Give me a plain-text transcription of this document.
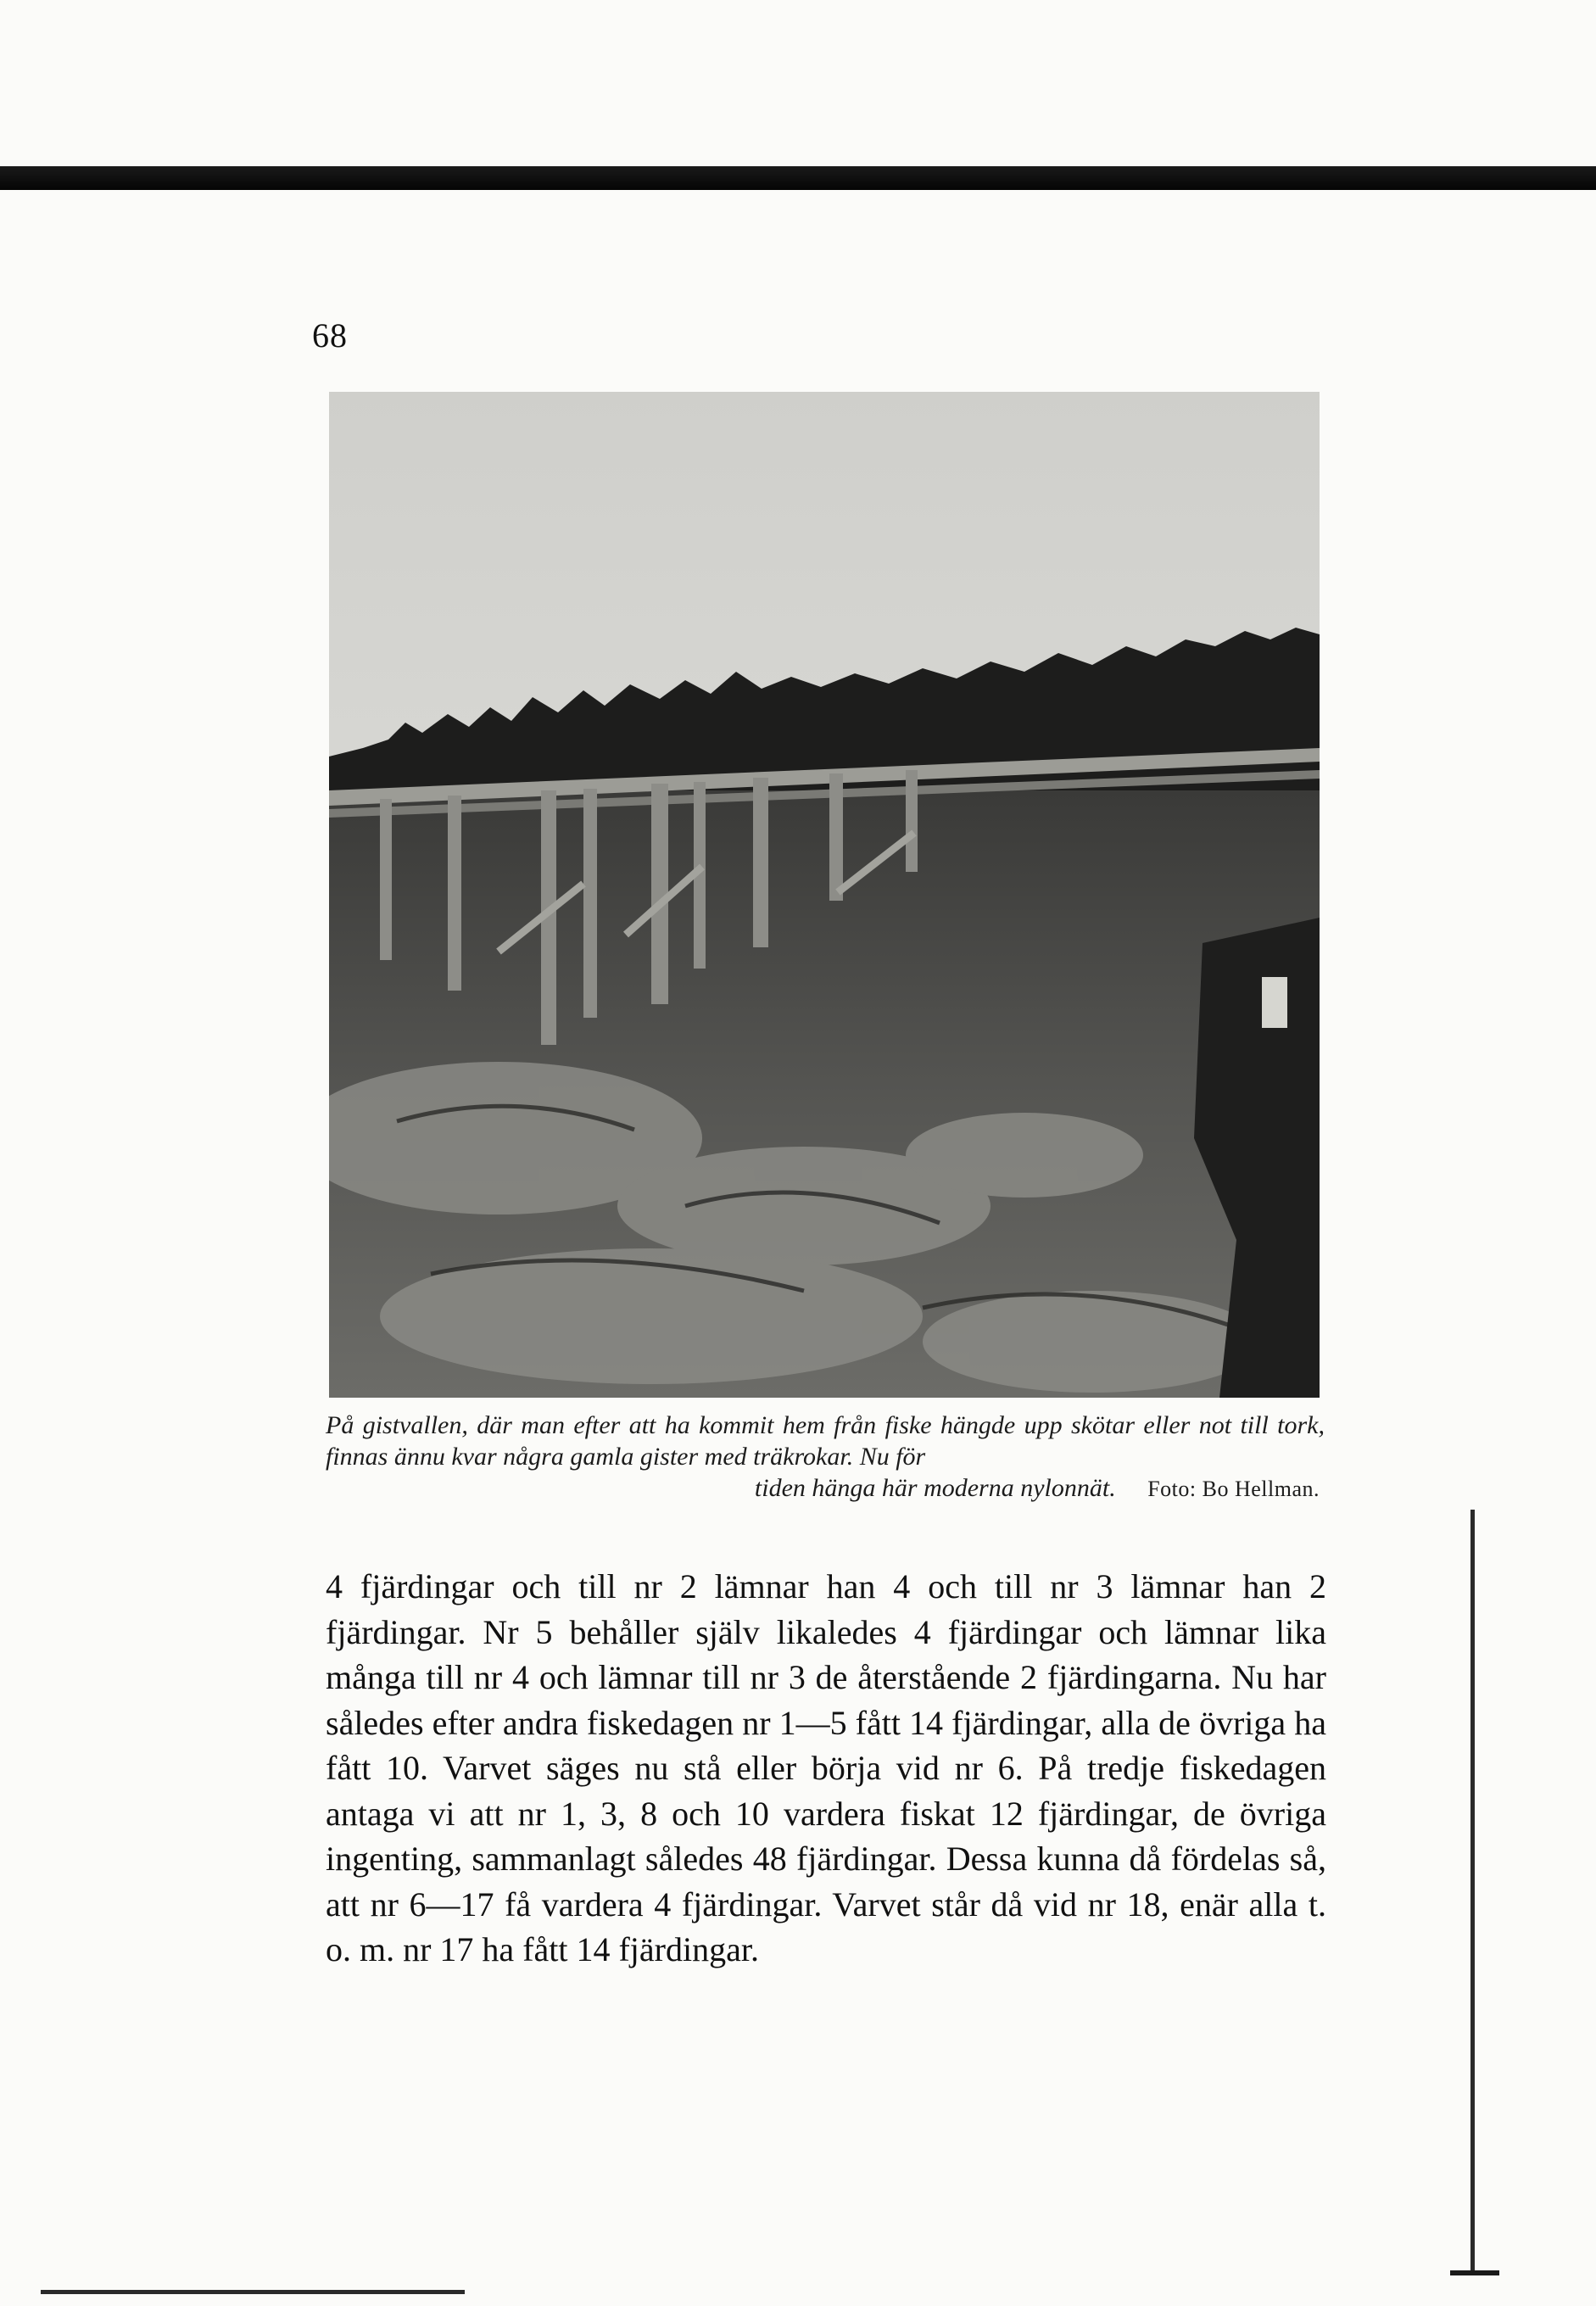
68
På gistvallen, där man efter att ha kommit hem från fiske hängde upp skötar eller not till tork, finnas ännu kvar några gamla gister med träkrokar. Nu för
tiden hänga här moderna nylonnät. Foto: Bo Hellman.
4 fjärdingar och till nr 2 lämnar han 4 och till nr 3 lämnar han 2 fjärdingar. Nr 5 behåller själv likaledes 4 fjärdingar och lämnar lika många till nr 4 och lämnar till nr 3 de återstående 2 fjärdingarna. Nu har således efter andra fiskedagen nr 1—5 fått 14 fjärdingar, alla de övriga ha fått 10. Varvet säges nu stå eller börja vid nr 6. På tredje fiskedagen antaga vi att nr 1, 3, 8 och 10 vardera fiskat 12 fjärdingar, de övriga ingenting, sammanlagt således 48 fjärdingar. Dessa kunna då fördelas så, att nr 6—17 få vardera 4 fjärdingar. Varvet står då vid nr 18, enär alla t. o. m. nr 17 ha fått 14 fjärdingar.
